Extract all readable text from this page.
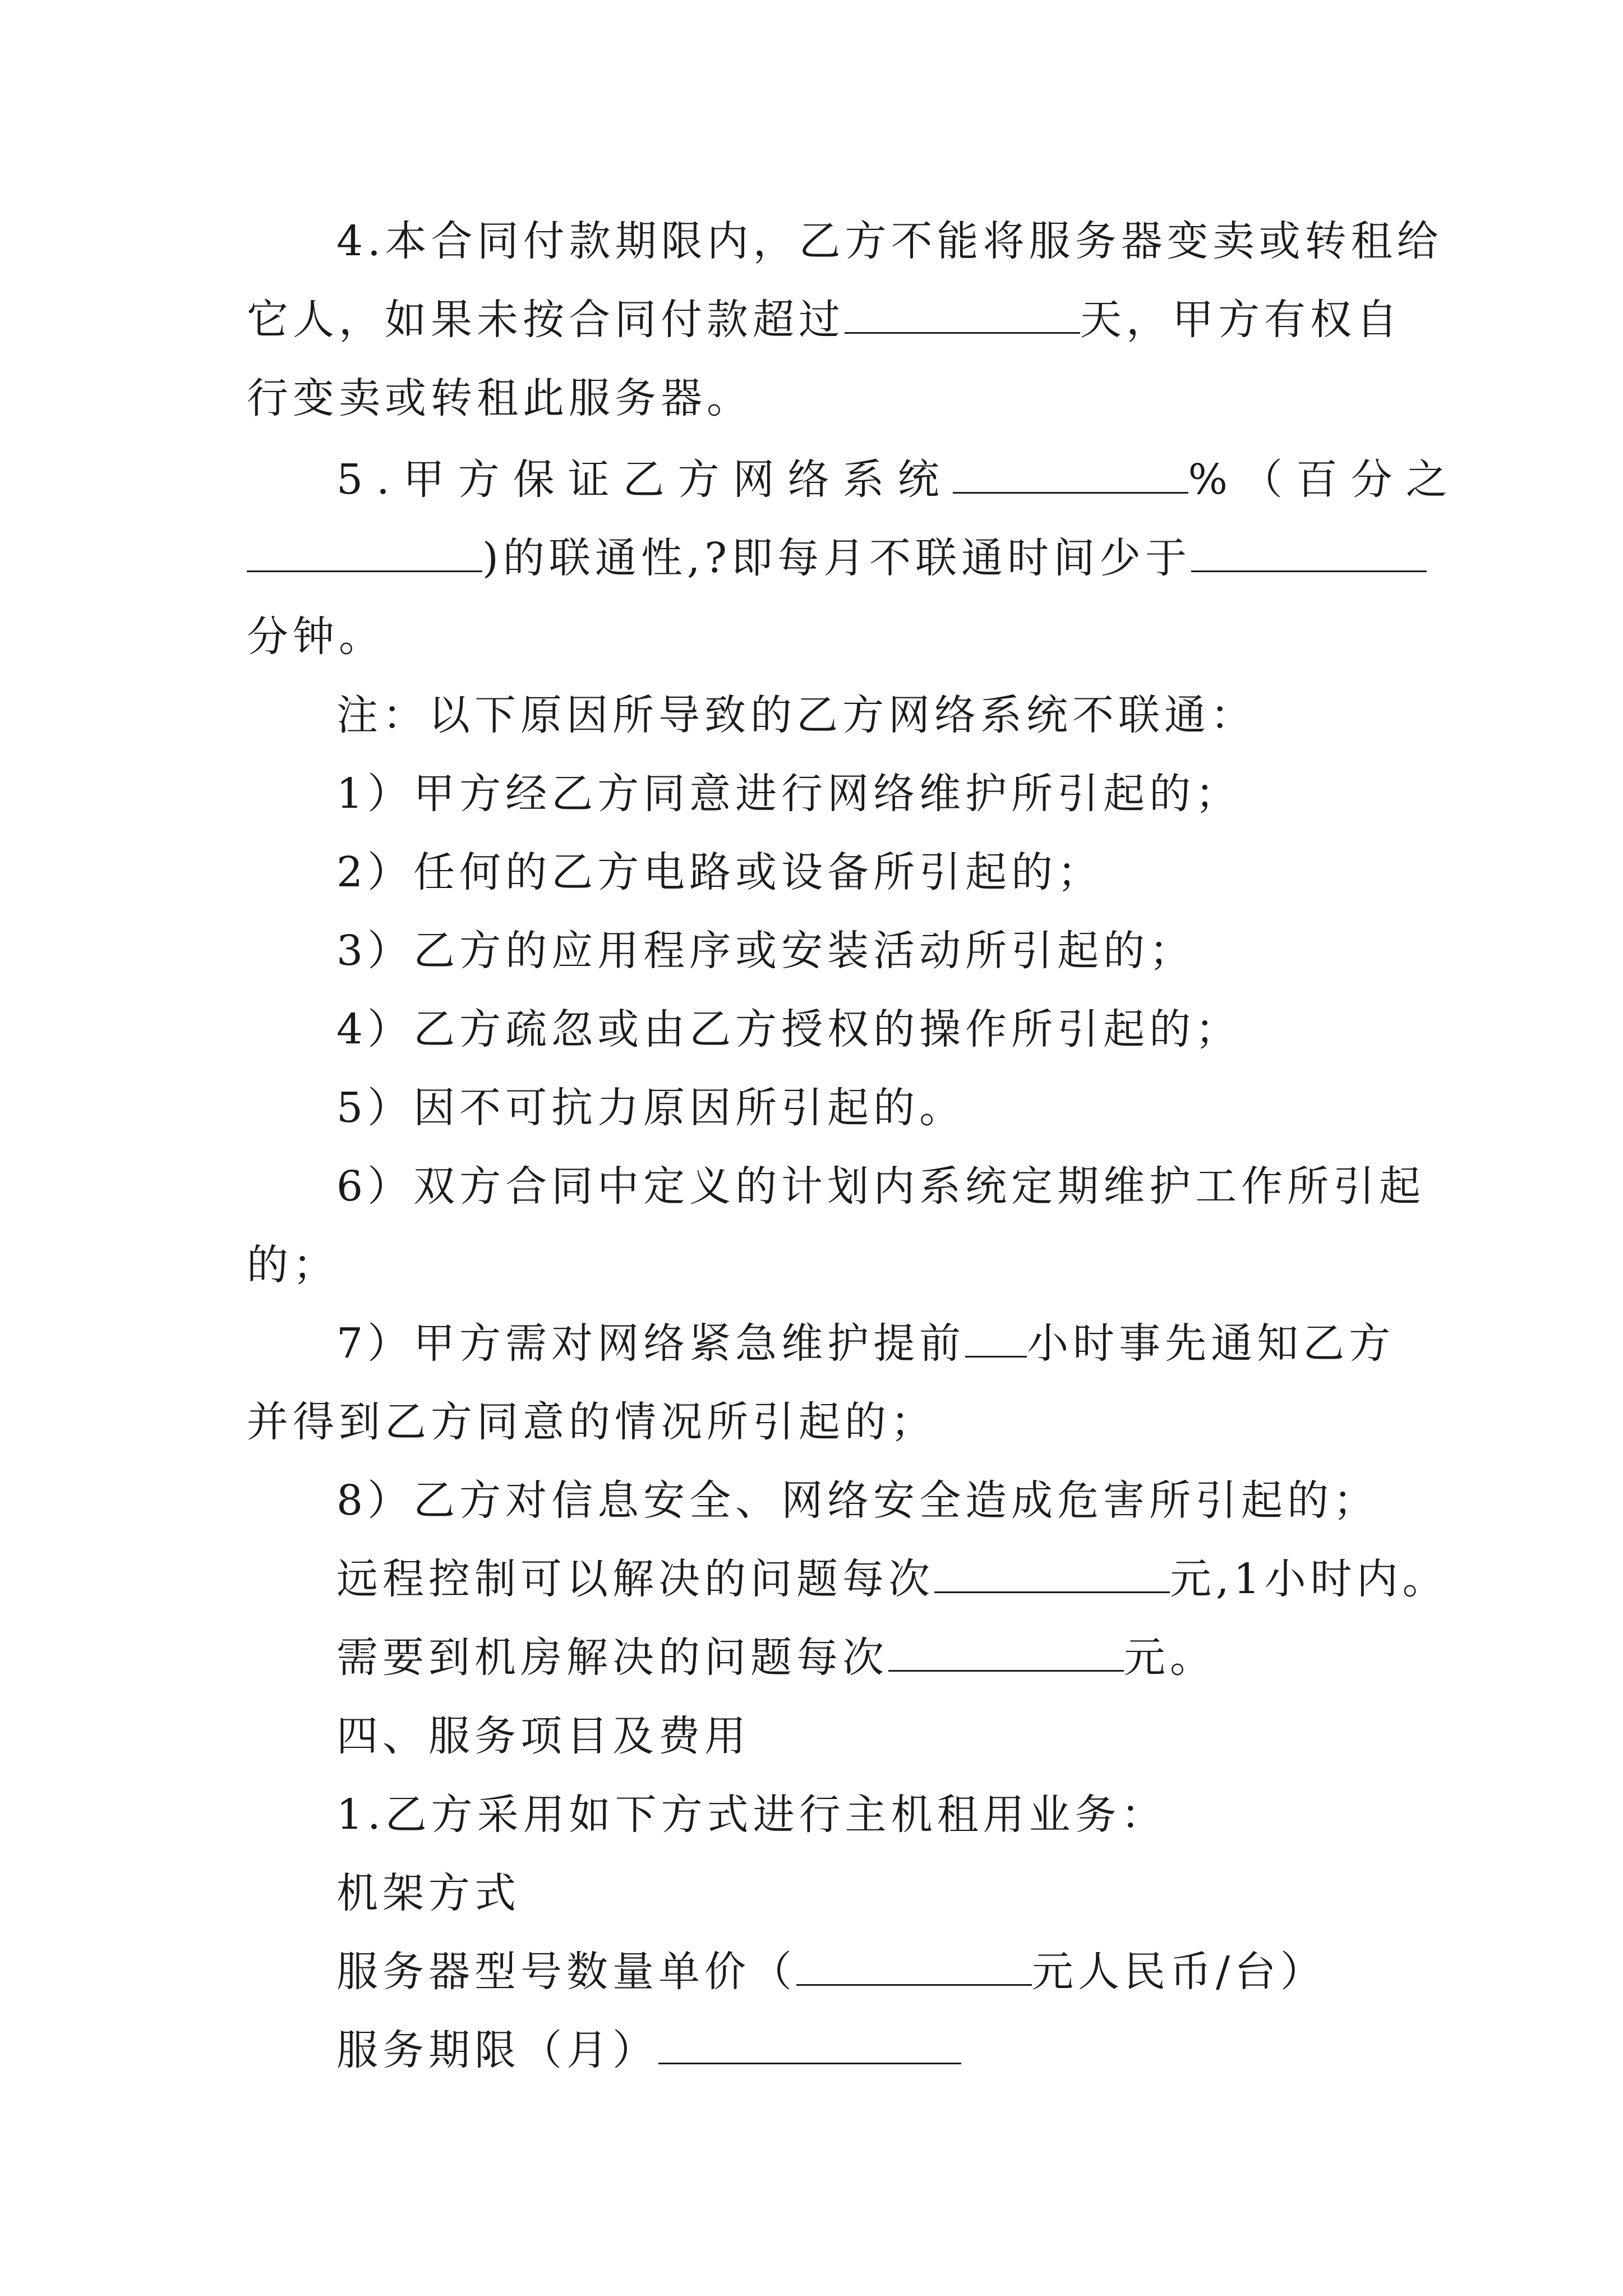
4.本合同付款期限内，乙方不能将服务器变卖或转租给
它人，如果未按合同付款超过	天，甲方有权自
行变卖或转租此服务器。
5.甲方保证乙方网络系统	%（百分之
)的联通性,?即每月不联通时间少于
分钟。
注：以下原因所导致的乙方网络系统不联通：
1）甲方经乙方同意进行网络维护所引起的；
2）任何的乙方电路或设备所引起的；
3）乙方的应用程序或安装活动所引起的；
4）乙方疏忽或由乙方授权的操作所引起的；
5）因不可抗力原因所引起的。
6）双方合同中定义的计划内系统定期维护工作所引起
的；
7）甲方需对网络紧急维护提前 小时事先通知乙方
并得到乙方同意的情况所引起的；
8）乙方对信息安全、网络安全造成危害所引起的；
远程控制可以解决的问题每次	元,1小时内。
需要到机房解决的问题每次	元。
四、服务项目及费用
1.乙方采用如下方式进行主机租用业务：
机架方式
服务器型号数量单价（	元人民币/台）
服务期限（月）
